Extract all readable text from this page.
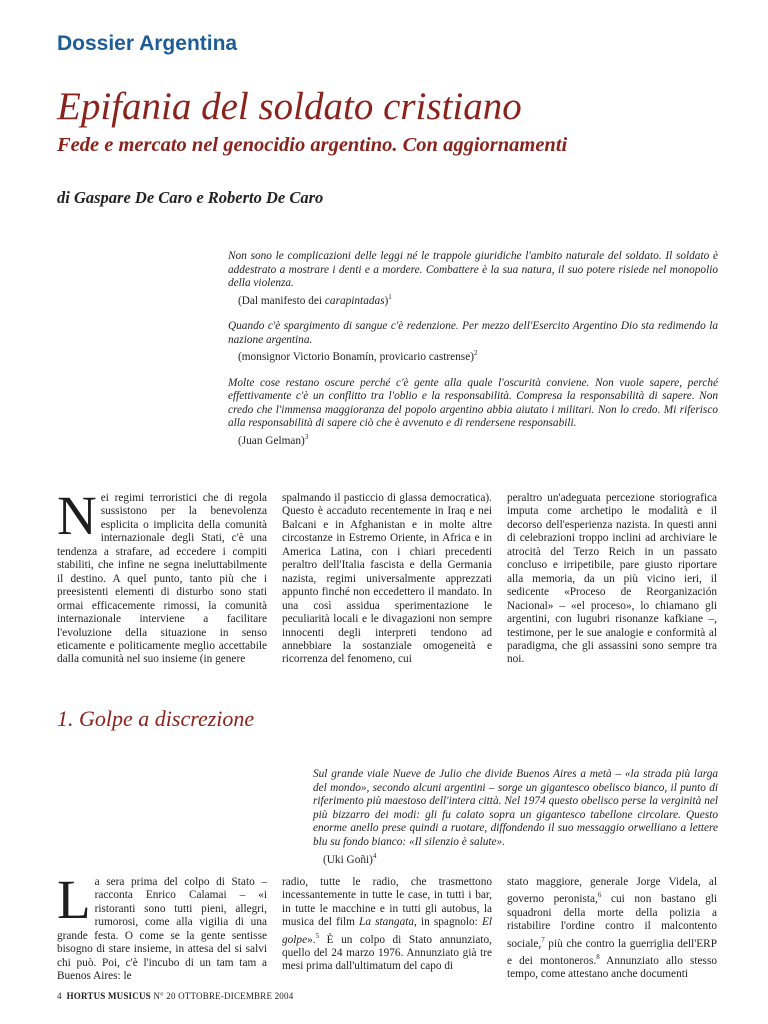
Dossier Argentina
Epifania del soldato cristiano
Fede e mercato nel genocidio argentino. Con aggiornamenti
di Gaspare De Caro e Roberto De Caro

Non sono le complicazioni delle leggi né le trappole giuridiche l'ambito naturale del soldato. Il soldato è addestrato a mostrare i denti e a mordere. Combattere è la sua natura, il suo potere risiede nel monopolio della violenza.

(Dal manifesto dei carapintadas)$^1$

Quando c'è spargimento di sangue c'è redenzione. Per mezzo dell'Esercito Argentino Dio sta redimendo la nazione argentina.

(monsignor Victorio Bonamín, provicario castrense)$^2$

Molte cose restano oscure perché c'è gente alla quale l'oscurità conviene. Non vuole sapere, perché effettivamente c'è un conflitto tra l'oblio e la responsabilità. Compresa la responsabilità di sapere. Non credo che l'immensa maggioranza del popolo argentino abbia aiutato i militari. Non lo credo. Mi riferisco alla responsabilità di sapere ciò che è avvenuto e di rendersene responsabili.

(Juan Gelman)$^3$

Nei regimi terroristici che di regola sussistono per la benevolenza esplicita o implicita della comunità internazionale degli Stati, c'è una tendenza a strafare, ad eccedere i compiti stabiliti, che infine ne segna ineluttabilmente il destino. A quel punto, tanto più che i preesistenti elementi di disturbo sono stati ormai efficacemente rimossi, la comunità internazionale interviene a facilitare l'evoluzione della situazione in senso eticamente e politicamente meglio accettabile dalla comunità nel suo insieme (in genere

spalmando il pasticcio di glassa democratica). Questo è accaduto recentemente in Iraq e nei Balcani e in Afghanistan e in molte altre circostanze in Estremo Oriente, in Africa e in America Latina, con i chiari precedenti peraltro dell'Italia fascista e della Germania nazista, regimi universalmente apprezzati appunto finché non eccedettero il mandato. In una così assidua sperimentazione le peculiarità locali e le divagazioni non sempre innocenti degli interpreti tendono ad annebbiare la sostanziale omogeneità e ricorrenza del fenomeno, cui

peraltro un'adeguata percezione storiografica imputa come archetipo le modalità e il decorso dell'esperienza nazista. In questi anni di celebrazioni troppo inclini ad archiviare le atrocità del Terzo Reich in un passato concluso e irripetibile, pare giusto riportare alla memoria, da un più vicino ieri, il sedicente «Proceso de Reorganización Nacional» – «el proceso», lo chiamano gli argentini, con lugubri risonanze kafkiane –, testimone, per le sue analogie e conformità al paradigma, che gli assassini sono sempre tra noi.

1. Golpe a discrezione

Sul grande viale Nueve de Julio che divide Buenos Aires a metà – «la strada più larga del mondo», secondo alcuni argentini – sorge un gigantesco obelisco bianco, il punto di riferimento più maestoso dell'intera città. Nel 1974 questo obelisco perse la verginità nel più bizzarro dei modi: gli fu calato sopra un gigantesco tabellone circolare. Questo enorme anello prese quindi a ruotare, diffondendo il suo messaggio orwelliano a lettere blu su fondo bianco: «Il silenzio è salute».

(Uki Goñi)$^4$

La sera prima del colpo di Stato – racconta Enrico Calamai – «i ristoranti sono tutti pieni, allegri, rumorosi, come alla vigilia di una grande festa. O come se la gente sentisse bisogno di stare insieme, in attesa del si salvi chi può. Poi, c'è l'incubo di un tam tam a Buenos Aires: le

radio, tutte le radio, che trasmettono incessantemente in tutte le case, in tutti i bar, in tutte le macchine e in tutti gli autobus, la musica del film La stangata, in spagnolo: El golpe».$^5$ È un colpo di Stato annunziato, quello del 24 marzo 1976. Annunziato già tre mesi prima dall'ultimatum del capo di

stato maggiore, generale Jorge Videla, al governo peronista,$^6$ cui non bastano gli squadroni della morte della polizia a ristabilire l'ordine contro il malcontento sociale,$^7$ più che contro la guerriglia dell'ERP e dei montoneros.$^8$ Annunziato allo stesso tempo, come attestano anche documenti

4 HORTUS MUSICUS N° 20 OTTOBRE-DICEMBRE 2004
